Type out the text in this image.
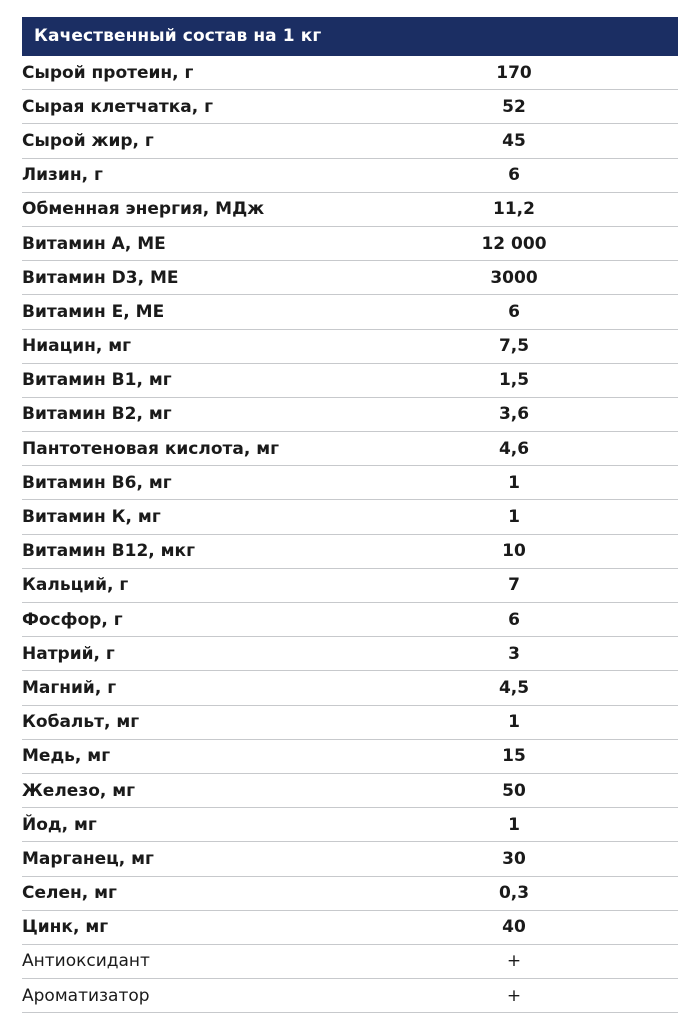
Качественный состав на 1 кг	
Сырой протеин, г	170
Сырая клетчатка, г	52
Сырой жир, г	45
Лизин, г	6
Обменная энергия, МДж	11,2
Витамин А, МЕ	12 000
Витамин D3, МЕ	3000
Витамин Е, МЕ	6
Ниацин, мг	7,5
Витамин В1, мг	1,5
Витамин В2, мг	3,6
Пантотеновая кислота, мг	4,6
Витамин В6, мг	1
Витамин К, мг	1
Витамин В12, мкг	10
Кальций, г	7
Фосфор, г	6
Натрий, г	3
Магний, г	4,5
Кобальт, мг	1
Медь, мг	15
Железо, мг	50
Йод, мг	1
Марганец, мг	30
Селен, мг	0,3
Цинк, мг	40
Антиоксидант	+
Ароматизатор	+
